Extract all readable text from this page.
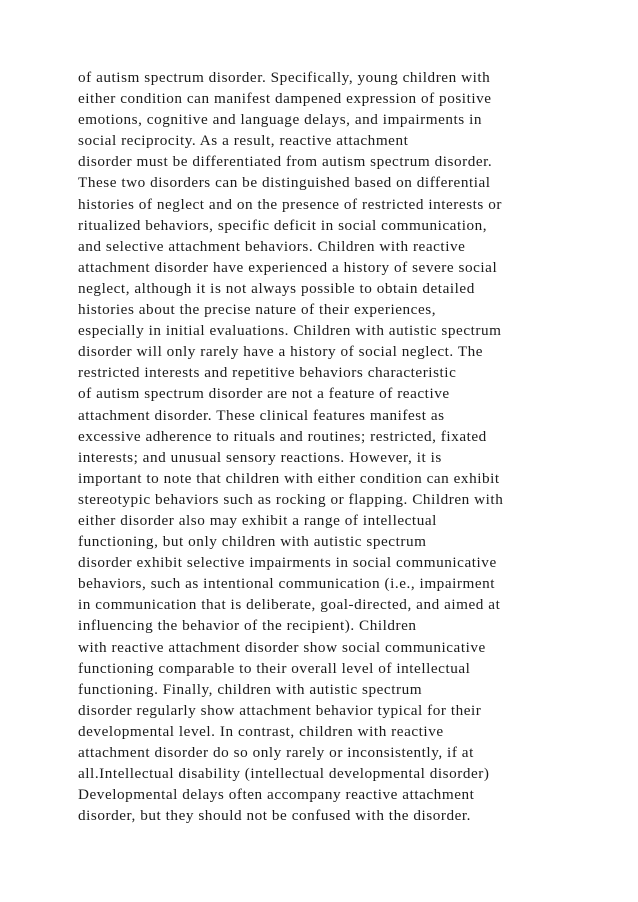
of autism spectrum disorder. Specifically, young children with
either condition can manifest dampened expression of positive
emotions, cognitive and language delays, and impairments in
social reciprocity. As a result, reactive attachment
disorder must be differentiated from autism spectrum disorder.
These two disorders can be distinguished based on differential
histories of neglect and on the presence of restricted interests or
ritualized behaviors, specific deficit in social communication,
and selective attachment behaviors. Children with reactive
attachment disorder have experienced a history of severe social
neglect, although it is not always possible to obtain detailed
histories about the precise nature of their experiences,
especially in initial evaluations. Children with autistic spectrum
disorder will only rarely have a history of social neglect. The
restricted interests and repetitive behaviors characteristic
of autism spectrum disorder are not a feature of reactive
attachment disorder. These clinical features manifest as
excessive adherence to rituals and routines; restricted, fixated
interests; and unusual sensory reactions. However, it is
important to note that children with either condition can exhibit
stereotypic behaviors such as rocking or flapping. Children with
either disorder also may exhibit a range of intellectual
functioning, but only children with autistic spectrum
disorder exhibit selective impairments in social communicative
behaviors, such as intentional communication (i.e., impairment
in communication that is deliberate, goal-directed, and aimed at
influencing the behavior of the recipient). Children
with reactive attachment disorder show social communicative
functioning comparable to their overall level of intellectual
functioning. Finally, children with autistic spectrum
disorder regularly show attachment behavior typical for their
developmental level. In contrast, children with reactive
attachment disorder do so only rarely or inconsistently, if at
all.Intellectual disability (intellectual developmental disorder)
Developmental delays often accompany reactive attachment
disorder, but they should not be confused with the disorder.
